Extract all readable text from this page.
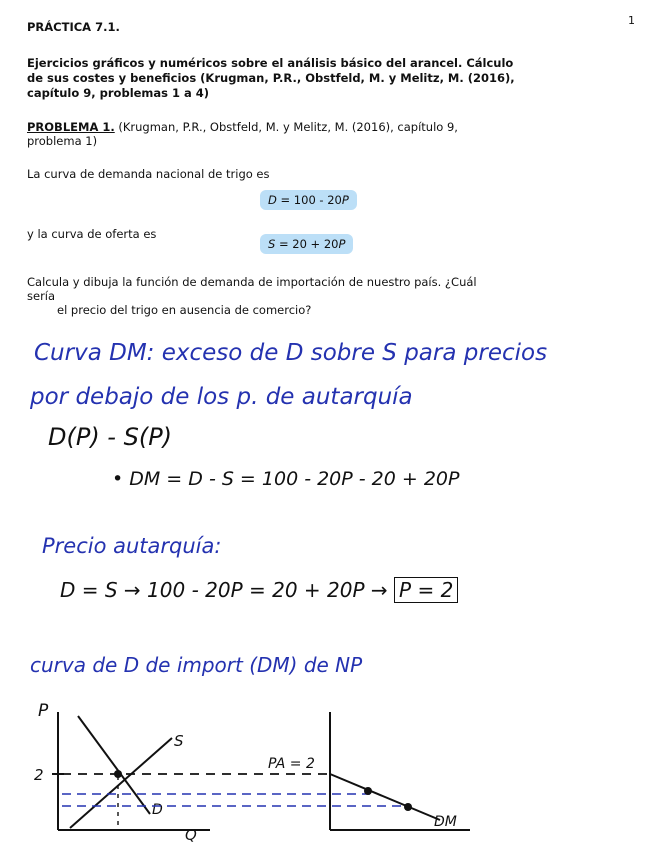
1
PRÁCTICA 7.1.
Ejercicios gráficos y numéricos sobre el análisis básico del arancel. Cálculo de sus costes y beneficios (Krugman, P.R., Obstfeld, M. y Melitz, M. (2016), capítulo 9, problemas 1 a 4)
PROBLEMA 1. (Krugman, P.R., Obstfeld, M. y Melitz, M. (2016), capítulo 9, problema 1)
La curva de demanda nacional de trigo es
D = 100 - 20P
y la curva de oferta es
S = 20 + 20P
Calcula y dibuja la función de demanda de importación de nuestro país. ¿Cuál sería
el precio del trigo en ausencia de comercio?
Curva DM: exceso de D sobre S para precios
por debajo de los p. de autarquía
D(P) - S(P)
• DM = D - S = 100 - 20P - 20 + 20P
Precio autarquía:
D = S → 100 - 20P = 20 + 20P → P = 2
curva de D de import (DM) de NP
P
Q
2
S
D
PA = 2
DM
